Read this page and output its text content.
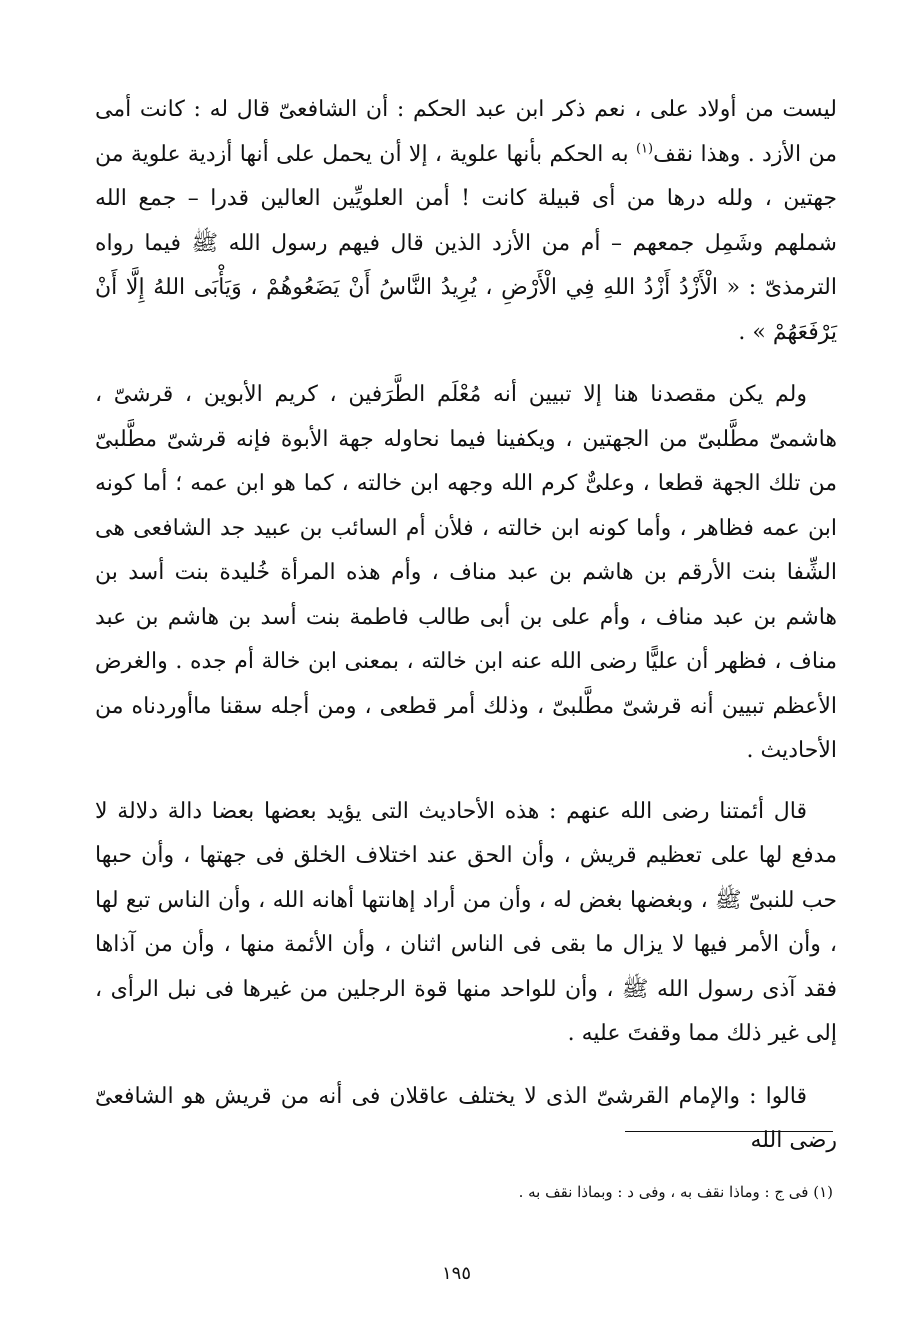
ليست من أولاد على ، نعم ذكر ابن عبد الحكم : أن الشافعىّ قال له : كانت أمى من الأزد . وهذا نقف$^{(١)}$ به الحكم بأنها علوية ، إلا أن يحمل على أنها أزدية علوية من جهتين ، ولله درها من أى قبيلة كانت ! أمن العلويِّين العالين قدرا – جمع الله شملهم وشَمِل جمعهم – أم من الأزد الذين قال فيهم رسول الله ﷺ فيما رواه الترمذىّ : « الْأَزْدُ أَزْدُ اللهِ فِي الْأَرْضِ ، يُرِيدُ النَّاسُ أَنْ يَضَعُوهُمْ ، وَيَأْبَى اللهُ إِلَّا أَنْ يَرْفَعَهُمْ » .

ولم يكن مقصدنا هنا إلا تبيين أنه مُعْلَم الطَّرَفين ، كريم الأبوين ، قرشىّ ، هاشمىّ مطَّلبىّ من الجهتين ، ويكفينا فيما نحاوله جهة الأبوة فإنه قرشىّ مطَّلبىّ من تلك الجهة قطعا ، وعلىٌّ كرم الله وجهه ابن خالته ، كما هو ابن عمه ؛ أما كونه ابن عمه فظاهر ، وأما كونه ابن خالته ، فلأن أم السائب بن عبيد جد الشافعى هى الشِّفا بنت الأرقم بن هاشم بن عبد مناف ، وأم هذه المرأة خُليدة بنت أسد بن هاشم بن عبد مناف ، وأم على بن أبى طالب فاطمة بنت أسد بن هاشم بن عبد مناف ، فظهر أن عليًّا رضى الله عنه ابن خالته ، بمعنى ابن خالة أم جده . والغرض الأعظم تبيين أنه قرشىّ مطَّلبىّ ، وذلك أمر قطعى ، ومن أجله سقنا ماأوردناه من الأحاديث .

قال أئمتنا رضى الله عنهم : هذه الأحاديث التى يؤيد بعضها بعضا دالة دلالة لا مدفع لها على تعظيم قريش ، وأن الحق عند اختلاف الخلق فى جهتها ، وأن حبها حب للنبىّ ﷺ ، وبغضها بغض له ، وأن من أراد إهانتها أهانه الله ، وأن الناس تبع لها ، وأن الأمر فيها لا يزال ما بقى فى الناس اثنان ، وأن الأئمة منها ، وأن من آذاها فقد آذى رسول الله ﷺ ، وأن للواحد منها قوة الرجلين من غيرها فى نبل الرأى ، إلى غير ذلك مما وقفتَ عليه .

قالوا : والإمام القرشىّ الذى لا يختلف عاقلان فى أنه من قريش هو الشافعىّ رضى الله

(١) فى ج : وماذا نقف به ، وفى د : وبماذا نقف به .
١٩٥
